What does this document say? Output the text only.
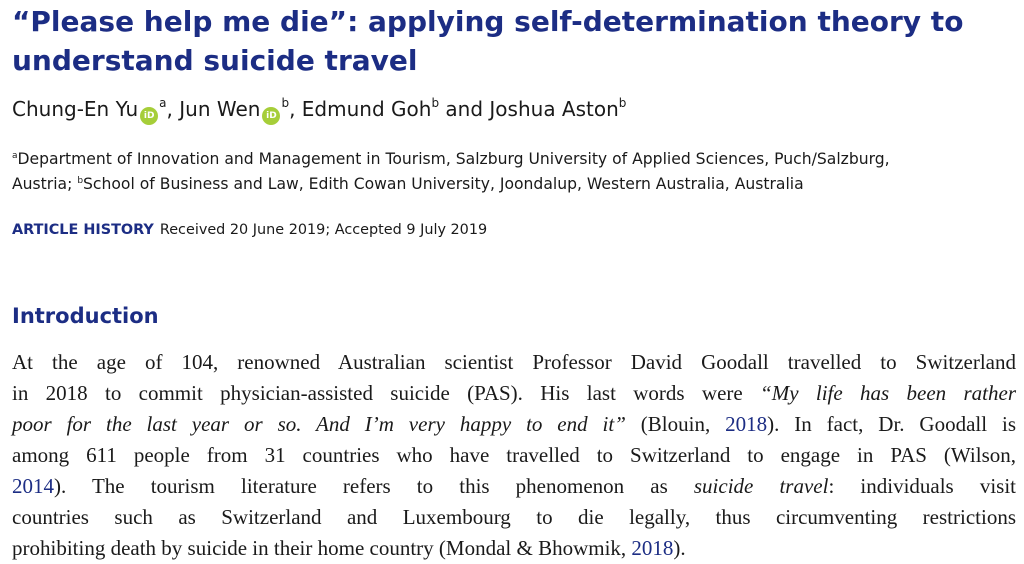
“Please help me die”: applying self-determination theory to
understand suicide travel
Chung-En Yu $iD^a$, Jun Wen $iD^b$, Edmund Goh$^b$ and Joshua Aston$^b$
$^a$Department of Innovation and Management in Tourism, Salzburg University of Applied Sciences, Puch/Salzburg,
Austria; $^b$School of Business and Law, Edith Cowan University, Joondalup, Western Australia, Australia
ARTICLE HISTORY Received 20 June 2019; Accepted 9 July 2019
Introduction
At the age of 104, renowned Australian scientist Professor David Goodall travelled to Switzerland
in 2018 to commit physician-assisted suicide (PAS). His last words were “My life has been rather
poor for the last year or so. And I’m very happy to end it” (Blouin, 2018). In fact, Dr. Goodall is
among 611 people from 31 countries who have travelled to Switzerland to engage in PAS (Wilson,
2014). The tourism literature refers to this phenomenon as suicide travel: individuals visit
countries such as Switzerland and Luxembourg to die legally, thus circumventing restrictions
prohibiting death by suicide in their home country (Mondal & Bhowmik, 2018).
